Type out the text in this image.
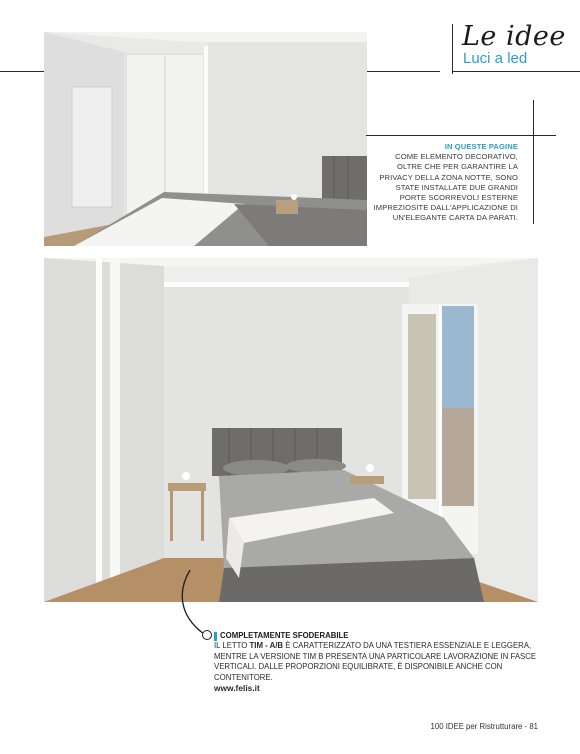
Le idee
Luci a led
IN QUESTE PAGINE
COME ELEMENTO DECORATIVO,
OLTRE CHE PER GARANTIRE LA
PRIVACY DELLA ZONA NOTTE, SONO
STATE INSTALLATE DUE GRANDI
PORTE SCORREVOLI ESTERNE
IMPREZIOSITE DALL'APPLICAZIONE DI
UN'ELEGANTE CARTA DA PARATI.
COMPLETAMENTE SFODERABILE
IL LETTO TIM - A/B È CARATTERIZZATO DA UNA TESTIERA ESSENZIALE E LEGGERA, MENTRE LA VERSIONE TIM B PRESENTA UNA PARTICOLARE LAVORAZIONE IN FASCE VERTICALI. DALLE PROPORZIONI EQUILIBRATE, È DISPONIBILE ANCHE CON CONTENITORE.
www.felis.it
100 IDEE per Ristrutturare - 81
